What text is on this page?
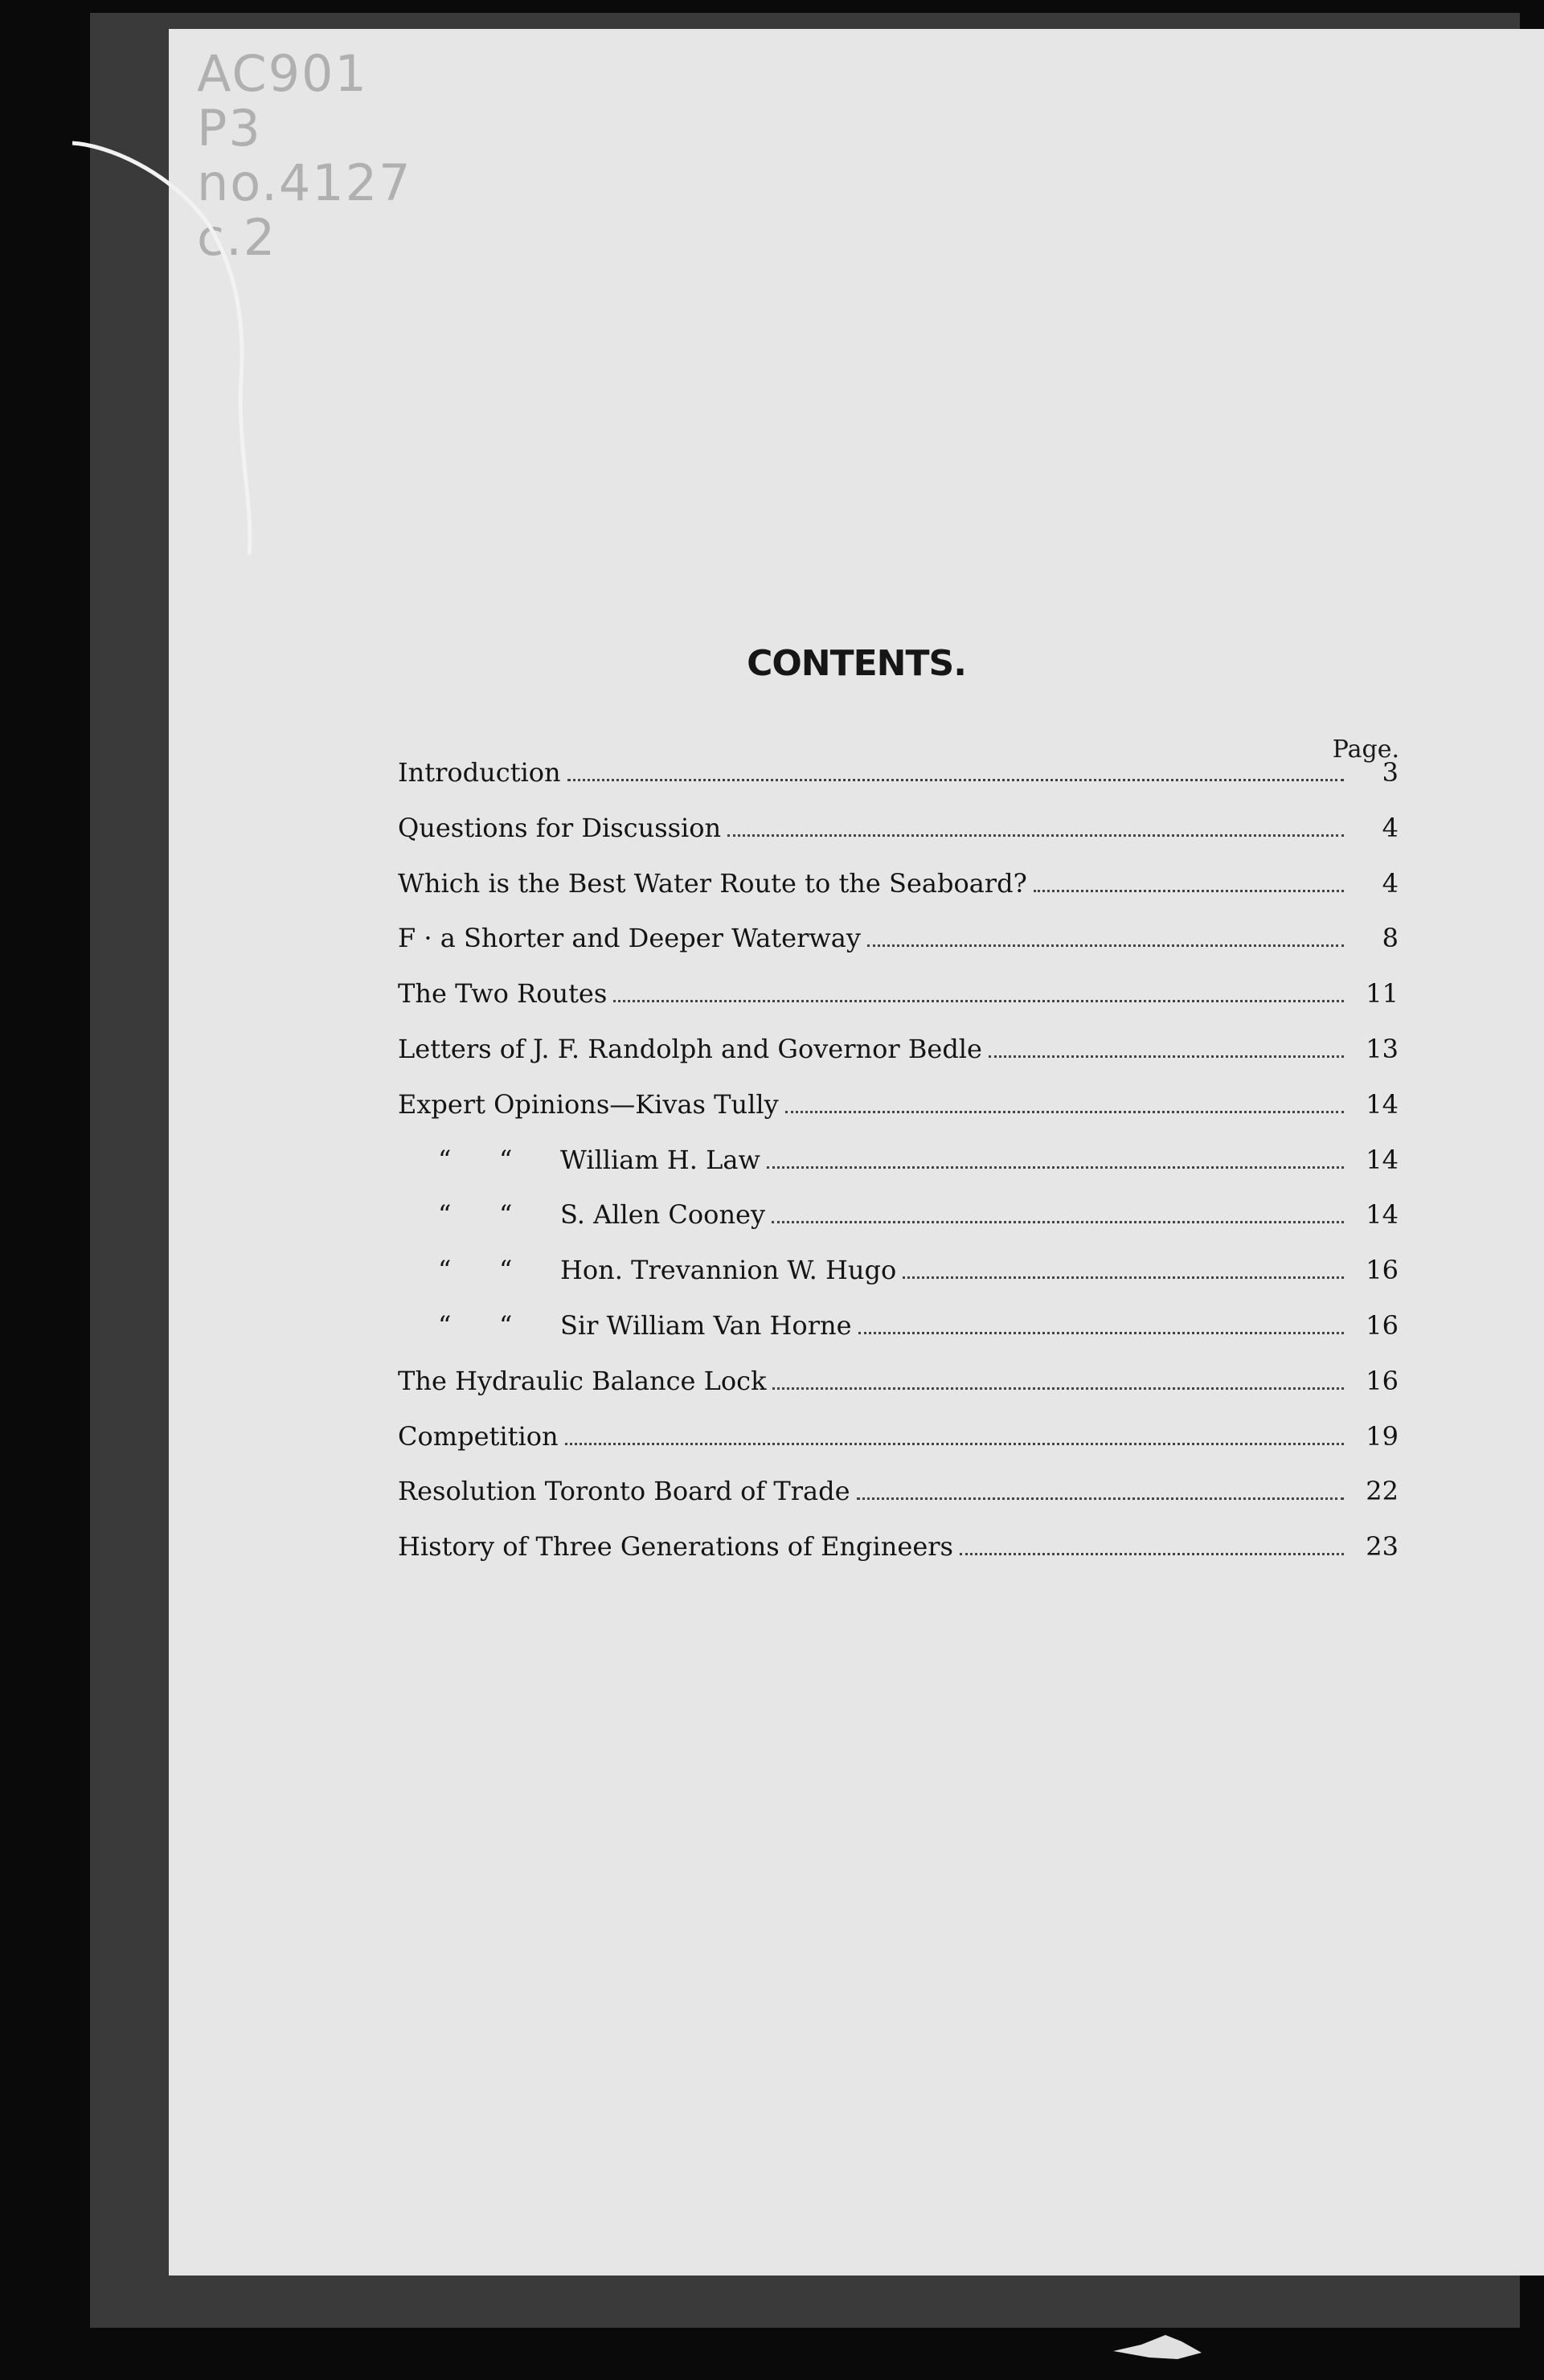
AC901
P3
no.4127
c.2
CONTENTS.
Page.
Introduction	3
Questions for Discussion	4
Which is the Best Water Route to the Seaboard?	4
F · a Shorter and Deeper Waterway	8
The Two Routes	11
Letters of J. F. Randolph and Governor Bedle	13
Expert Opinions—Kivas Tully	14
“	“	William H. Law	14
“	“	S. Allen Cooney	14
“	“	Hon. Trevannion W. Hugo	16
“	“	Sir William Van Horne	16
The Hydraulic Balance Lock	16
Competition	19
Resolution Toronto Board of Trade	22
History of Three Generations of Engineers	23
